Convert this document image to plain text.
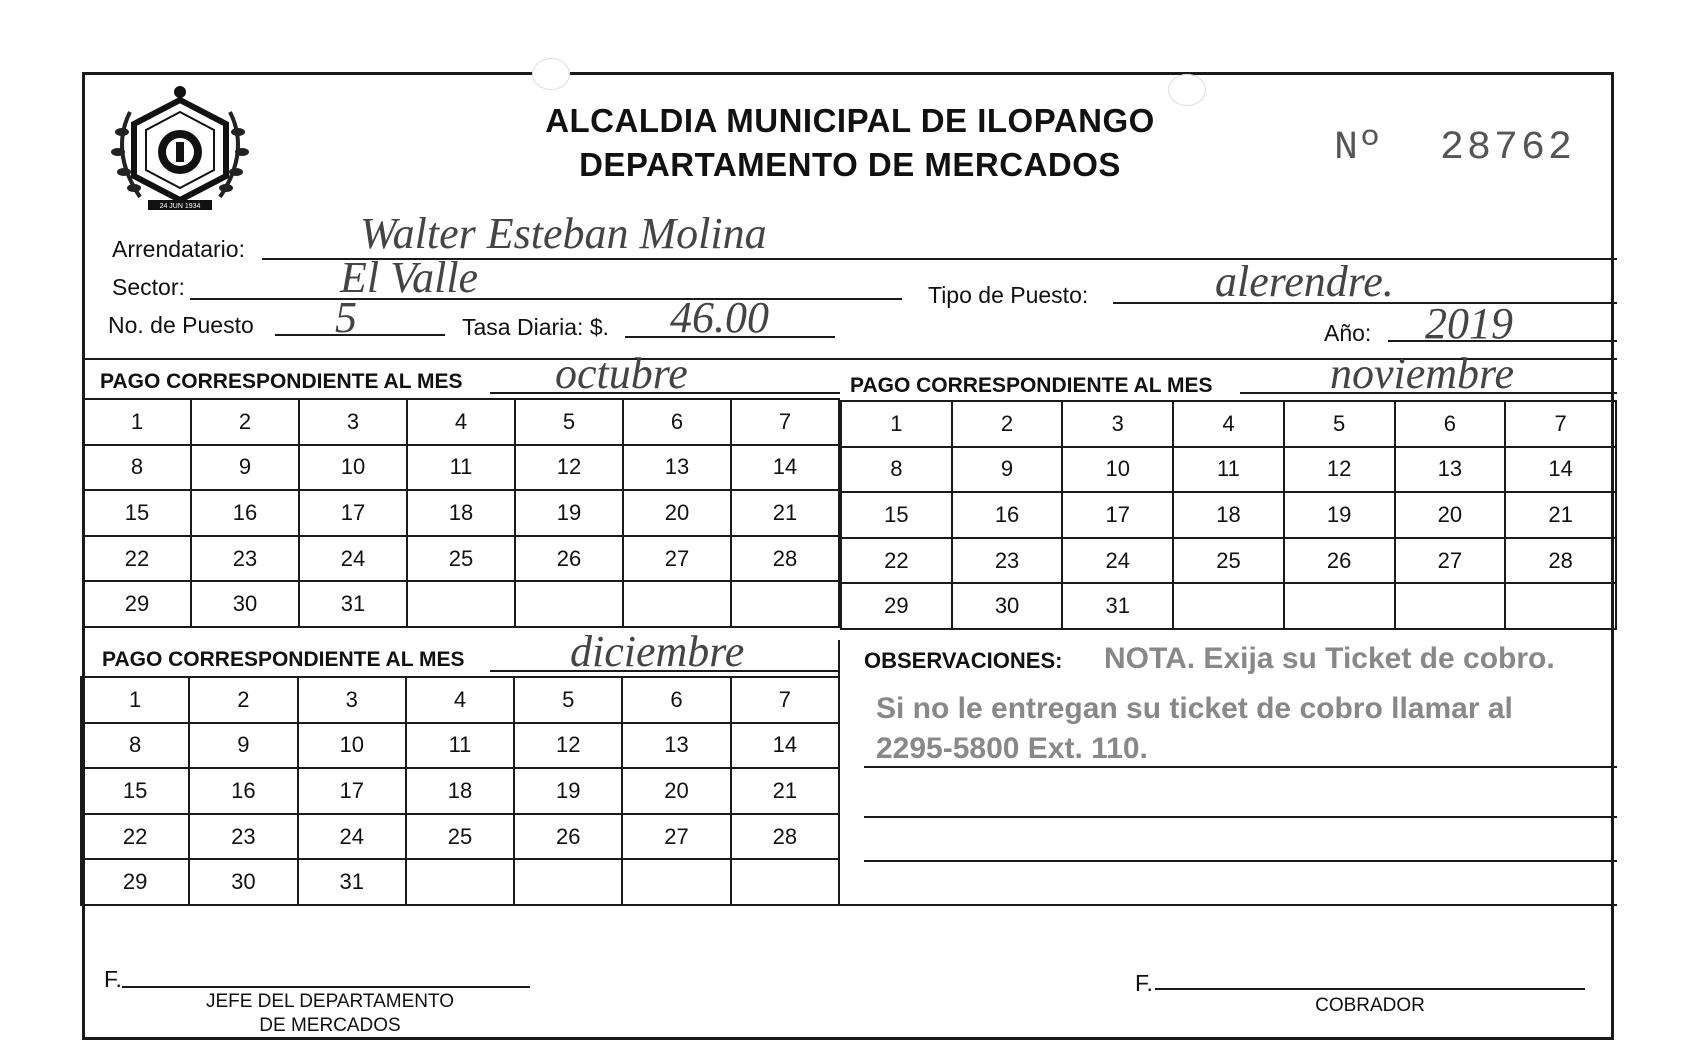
24 JUN 1934
ALCALDIA MUNICIPAL DE ILOPANGO
DEPARTAMENTO DE MERCADOS	Nº 28762
Arrendatario:	Walter Esteban Molina
Sector:	El Valle	Tipo de Puesto:	alerendre.
No. de Puesto 5	Tasa Diaria: $. 46.00	Año: 2019
PAGO CORRESPONDIENTE AL MES octubre	PAGO CORRESPONDIENTE AL MES	noviembre
1	2	3	4	5	6	7
8	9	10	11	12	13	14
15	16	17	18	19	20	21
22	23	24	25	26	27	28
29	30	31				
1	2	3	4	5	6	7
8	9	10	11	12	13	14
15	16	17	18	19	20	21
22	23	24	25	26	27	28
29	30	31				
PAGO CORRESPONDIENTE AL MES diciembre
1	2	3	4	5	6	7
8	9	10	11	12	13	14
15	16	17	18	19	20	21
22	23	24	25	26	27	28
29	30	31				
OBSERVACIONES: NOTA. Exija su Ticket de cobro.
Si no le entregan su ticket de cobro llamar al
2295-5800 Ext. 110.
F.
JEFE DEL DEPARTAMENTO
DE MERCADOS
F.
COBRADOR
